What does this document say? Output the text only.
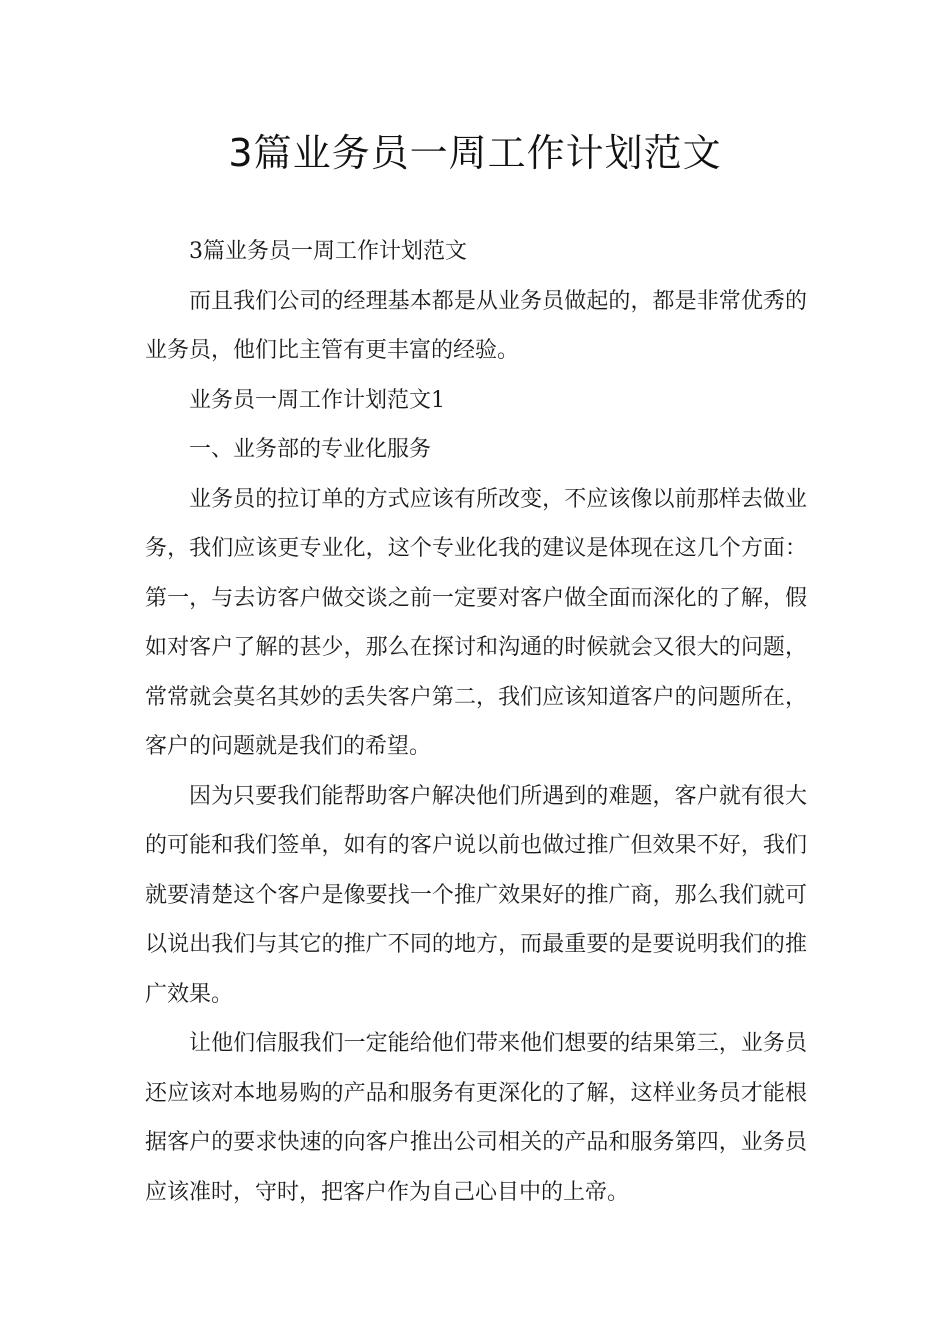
3篇业务员一周工作计划范文

3篇业务员一周工作计划范文

而且我们公司的经理基本都是从业务员做起的，都是非常优秀的业务员，他们比主管有更丰富的经验。

业务员一周工作计划范文1

一、业务部的专业化服务

业务员的拉订单的方式应该有所改变，不应该像以前那样去做业务，我们应该更专业化，这个专业化我的建议是体现在这几个方面：第一，与去访客户做交谈之前一定要对客户做全面而深化的了解，假如对客户了解的甚少，那么在探讨和沟通的时候就会又很大的问题，常常就会莫名其妙的丢失客户第二，我们应该知道客户的问题所在，客户的问题就是我们的希望。

因为只要我们能帮助客户解决他们所遇到的难题，客户就有很大的可能和我们签单，如有的客户说以前也做过推广但效果不好，我们就要清楚这个客户是像要找一个推广效果好的推广商，那么我们就可以说出我们与其它的推广不同的地方，而最重要的是要说明我们的推广效果。

让他们信服我们一定能给他们带来他们想要的结果第三，业务员还应该对本地易购的产品和服务有更深化的了解，这样业务员才能根据客户的要求快速的向客户推出公司相关的产品和服务第四，业务员应该准时，守时，把客户作为自己心目中的上帝。
